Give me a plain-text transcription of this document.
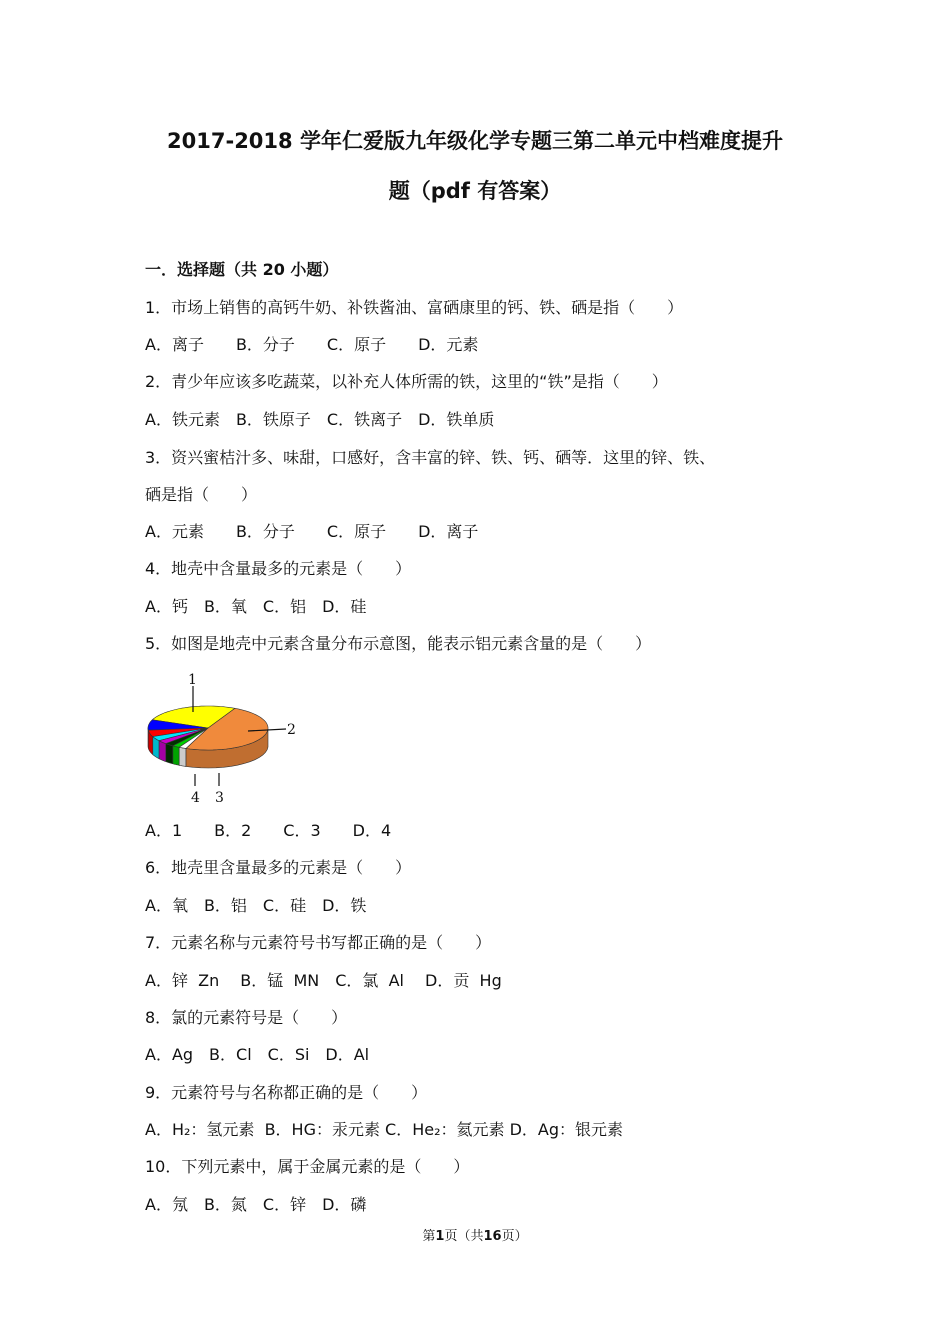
2017-2018 学年仁爱版九年级化学专题三第二单元中档难度提升
题（pdf 有答案）
一．选择题（共 20 小题）
1．市场上销售的高钙牛奶、补铁酱油、富硒康里的钙、铁、硒是指（　　）
A．离子　　B．分子　　C．原子　　D．元素
2．青少年应该多吃蔬菜，以补充人体所需的铁，这里的“铁”是指（　　）
A．铁元素　B．铁原子　C．铁离子　D．铁单质
3．资兴蜜桔汁多、味甜，口感好，含丰富的锌、铁、钙、硒等．这里的锌、铁、
硒是指（　　）
A．元素　　B．分子　　C．原子　　D．离子
4．地壳中含量最多的元素是（　　）
A．钙　B．氧　C．铝　D．硅
5．如图是地壳中元素含量分布示意图，能表示铝元素含量的是（　　）
1
2
3
4
A．1　　B．2　　C．3　　D．4
6．地壳里含量最多的元素是（　　）
A．氧　B．铝　C．硅　D．铁
7．元素名称与元素符号书写都正确的是（　　）
A．锌  Zn　 B．锰  MN　C．氯  Al　 D．贡  Hg
8．氯的元素符号是（　　）
A．Ag　B．Cl　C．Si　D．Al
9．元素符号与名称都正确的是（　　）
A．H₂：氢元素  B．HG：汞元素 C．He₂：氦元素 D．Ag：银元素
10．下列元素中，属于金属元素的是（　　）
A．氖　B．氮　C．锌　D．磷
第1页（共16页）
